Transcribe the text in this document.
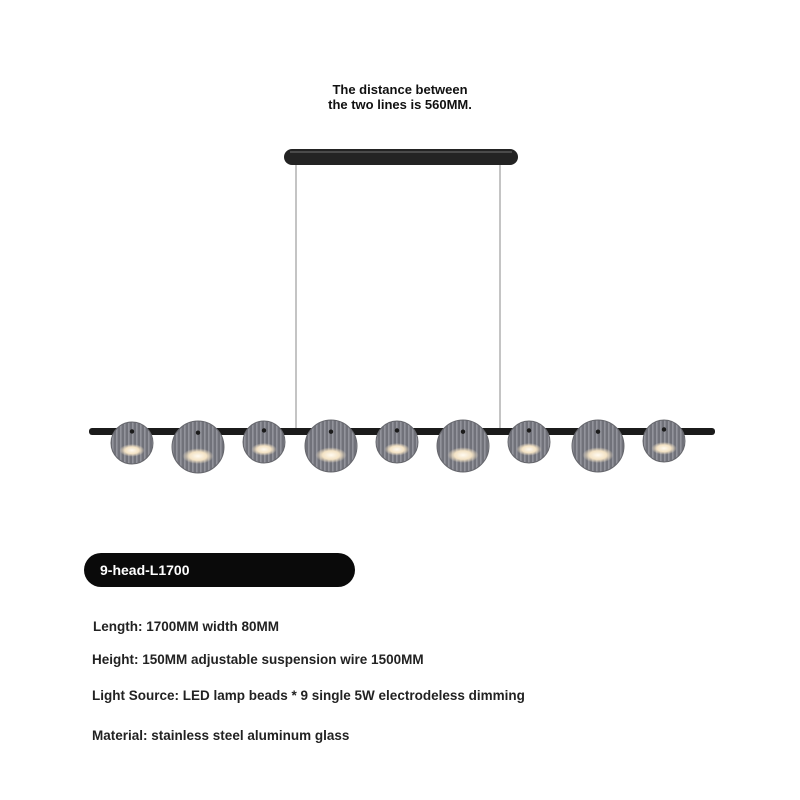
The distance between
the two lines is 560MM.
9-head-L1700
Length: 1700MM width 80MM
Height: 150MM adjustable suspension wire 1500MM
Light Source: LED lamp beads * 9 single 5W electrodeless dimming
Material: stainless steel aluminum glass
